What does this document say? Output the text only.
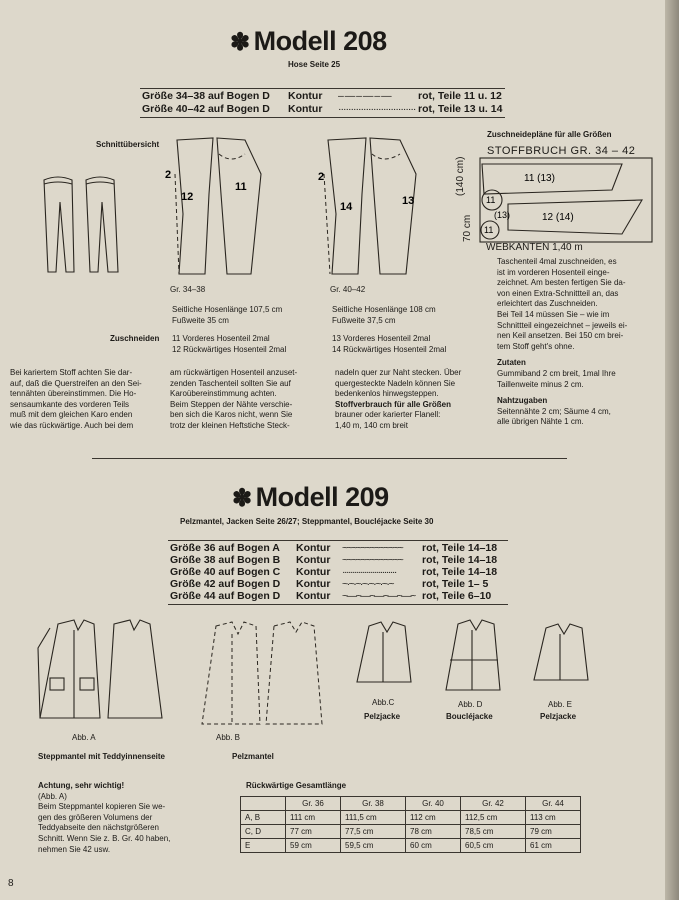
✽ Modell 208
Hose Seite 25
Größe 34–38 auf Bogen D Kontur – — – — – —	rot, Teile 11 u. 12
Größe 40–42 auf Bogen D Kontur ······························· rot, Teile 13 u. 14
Schnittübersicht
Zuschneidepläne für alle Größen
12
11
2
14	13
2
STOFFBRUCH GR. 34 – 42
11 (13)
12 (14)
11
(13)
11
(140 cm)
70 cm
WEBKANTEN 1,40 m
Taschenteil 4mal zuschneiden, es
ist im vorderen Hosenteil einge-
zeichnet. Am besten fertigen Sie da-
von einen Extra-Schnittteil an, das
erleichtert das Zuschneiden.
Bei Teil 14 müssen Sie – wie im
Schnittteil eingezeichnet – jeweils ei-
nen Keil ansetzen. Bei 150 cm brei-
tem Stoff geht's ohne.
Zutaten
Gummiband 2 cm breit, 1mal Ihre
Taillenweite minus 2 cm.
Nahtzugaben
Seitennähte 2 cm; Säume 4 cm,
alle übrigen Nähte 1 cm.
Gr. 34–38	Gr. 40–42
Seitliche Hosenlänge 107,5 cm
Fußweite 35 cm
Seitliche Hosenlänge 108 cm
Fußweite 37,5 cm
Zuschneiden 11 Vorderes Hosenteil 2mal
12 Rückwärtiges Hosenteil 2mal
13 Vorderes Hosenteil 2mal
14 Rückwärtiges Hosenteil 2mal
Bei kariertem Stoff achten Sie dar-
auf, daß die Querstreifen an den Sei-
tennähten übereinstimmen. Die Ho-
sensaumkante des vorderen Teils
muß mit dem gleichen Karo enden
wie das rückwärtige. Auch bei dem
am rückwärtigen Hosenteil anzuset-
zenden Taschenteil sollten Sie auf
Karoübereinstimmung achten.
Beim Steppen der Nähte verschie-
ben sich die Karos nicht, wenn Sie
trotz der kleinen Heftstiche Steck-
nadeln quer zur Naht stecken. Über
quergesteckte Nadeln können Sie
bedenkenlos hinwegsteppen.
Stoffverbrauch für alle Größen
brauner oder karierter Flanell:
1,40 m, 140 cm breit
✽ Modell 209
Pelzmantel, Jacken Seite 26/27; Steppmantel, Boucléjacke Seite 30
Größe 36 auf Bogen A Kontur ~~~~~~~~~~~~~ rot, Teile 14–18
Größe 38 auf Bogen B Kontur ~~~~~~~~~~~~~ rot, Teile 14–18
Größe 40 auf Bogen C Kontur ··························· rot, Teile 14–18
Größe 42 auf Bogen D Kontur ~·~·~·~·~·~·~·~	rot, Teile 1– 5
Größe 44 auf Bogen D Kontur ~—~—~—~—~—~ rot, Teile 6–10
Abb. A
Steppmantel mit Teddyinnenseite
Abb. B
Pelzmantel
Abb.C
Pelzjacke
Abb. D
Boucléjacke
Abb. E
Pelzjacke
Achtung, sehr wichtig!
(Abb. A)
Beim Steppmantel kopieren Sie we-
gen des größeren Volumens der
Teddyabseite den nächstgrößeren
Schnitt. Wenn Sie z. B. Gr. 40 haben,
nehmen Sie 42 usw.
Rückwärtige Gesamtlänge
	Gr. 36	Gr. 38	Gr. 40	Gr. 42	Gr. 44
A, B	111 cm	111,5 cm	112 cm	112,5 cm	113 cm
C, D	77 cm	77,5 cm	78 cm	78,5 cm	79 cm
E	59 cm	59,5 cm	60 cm	60,5 cm	61 cm
8
